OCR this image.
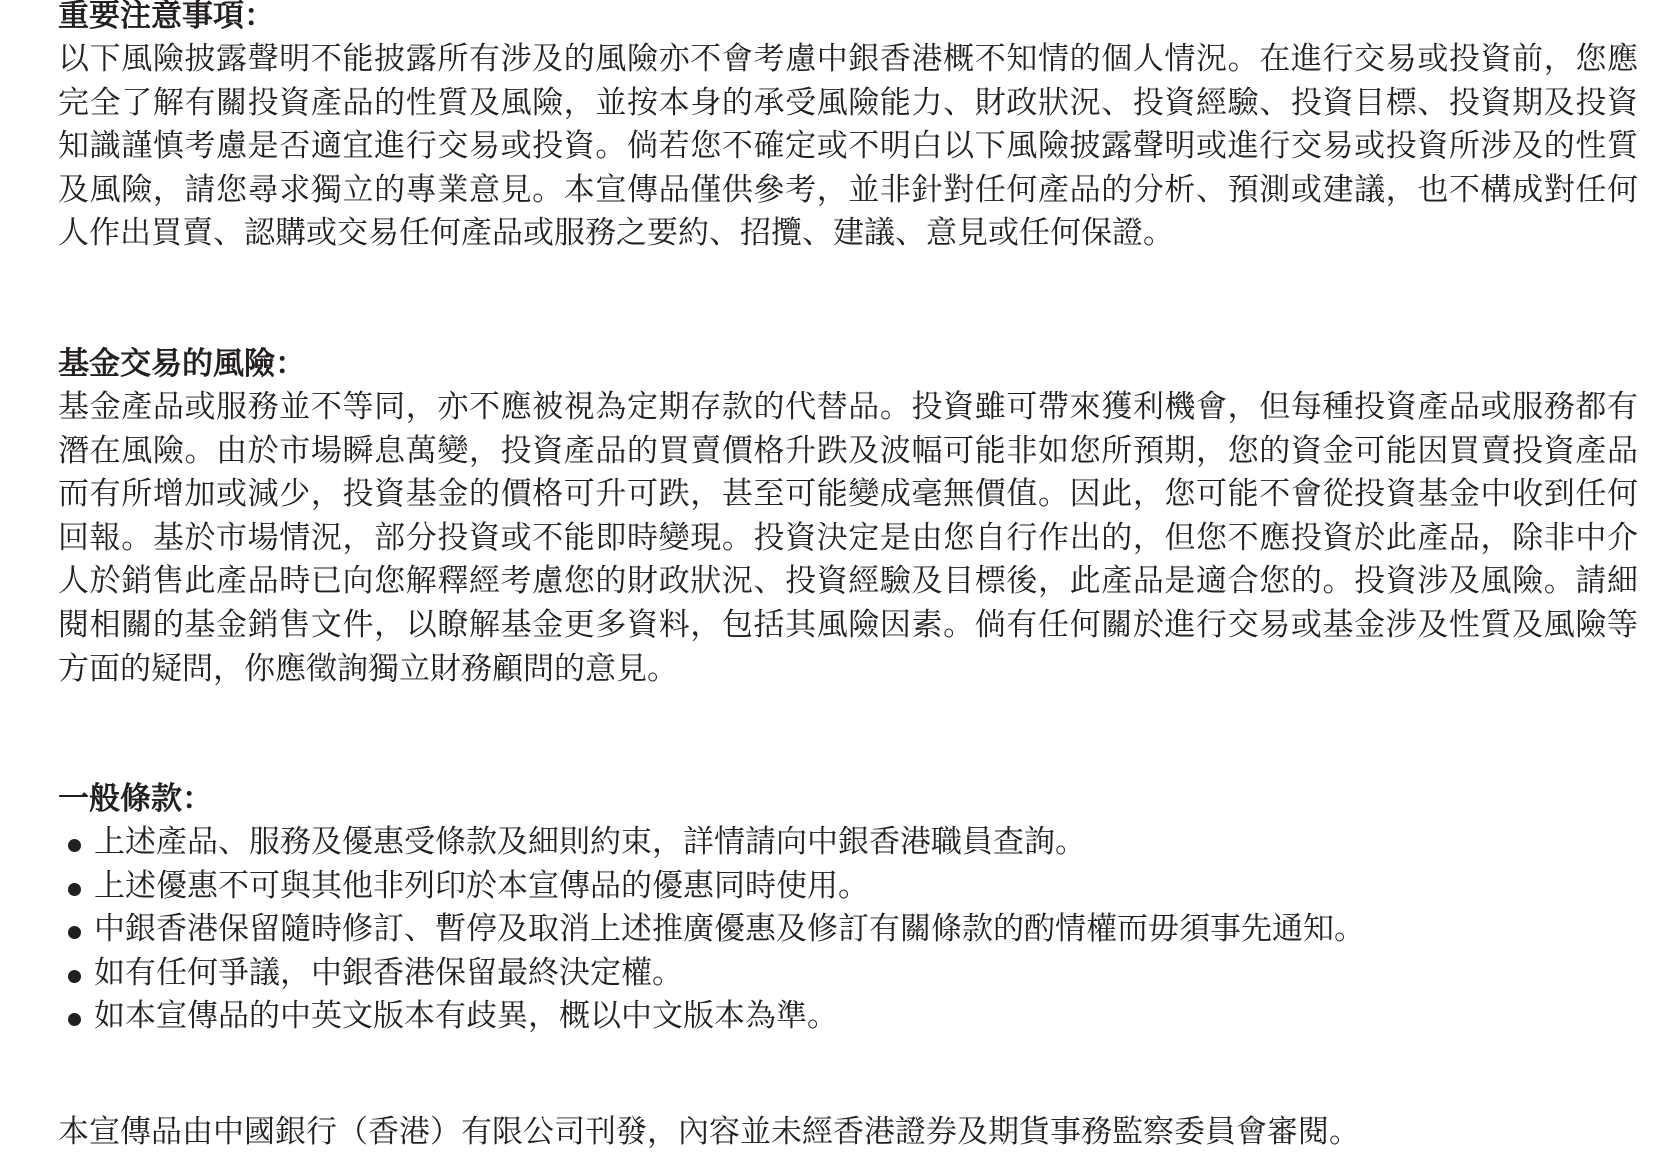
重要注意事項：

以下風險披露聲明不能披露所有涉及的風險亦不會考慮中銀香港概不知情的個人情況。在進行交易或投資前，您應完全了解有關投資產品的性質及風險，並按本身的承受風險能力、財政狀況、投資經驗、投資目標、投資期及投資知識謹慎考慮是否適宜進行交易或投資。倘若您不確定或不明白以下風險披露聲明或進行交易或投資所涉及的性質及風險，請您尋求獨立的專業意見。本宣傳品僅供參考，並非針對任何產品的分析、預測或建議，也不構成對任何人作出買賣、認購或交易任何產品或服務之要約、招攬、建議、意見或任何保證。

基金交易的風險：

基金產品或服務並不等同，亦不應被視為定期存款的代替品。投資雖可帶來獲利機會，但每種投資產品或服務都有潛在風險。由於市場瞬息萬變，投資產品的買賣價格升跌及波幅可能非如您所預期，您的資金可能因買賣投資產品而有所增加或減少，投資基金的價格可升可跌，甚至可能變成毫無價值。因此，您可能不會從投資基金中收到任何回報。基於市場情況，部分投資或不能即時變現。投資決定是由您自行作出的，但您不應投資於此產品，除非中介人於銷售此產品時已向您解釋經考慮您的財政狀況、投資經驗及目標後，此產品是適合您的。投資涉及風險。請細閱相關的基金銷售文件，以瞭解基金更多資料，包括其風險因素。倘有任何關於進行交易或基金涉及性質及風險等方面的疑問，你應徵詢獨立財務顧問的意見。

一般條款：
上述產品、服務及優惠受條款及細則約束，詳情請向中銀香港職員查詢。
上述優惠不可與其他非列印於本宣傳品的優惠同時使用。
中銀香港保留隨時修訂、暫停及取消上述推廣優惠及修訂有關條款的酌情權而毋須事先通知。
如有任何爭議，中銀香港保留最終決定權。
如本宣傳品的中英文版本有歧異，概以中文版本為準。

本宣傳品由中國銀行（香港）有限公司刊發，內容並未經香港證券及期貨事務監察委員會審閱。
